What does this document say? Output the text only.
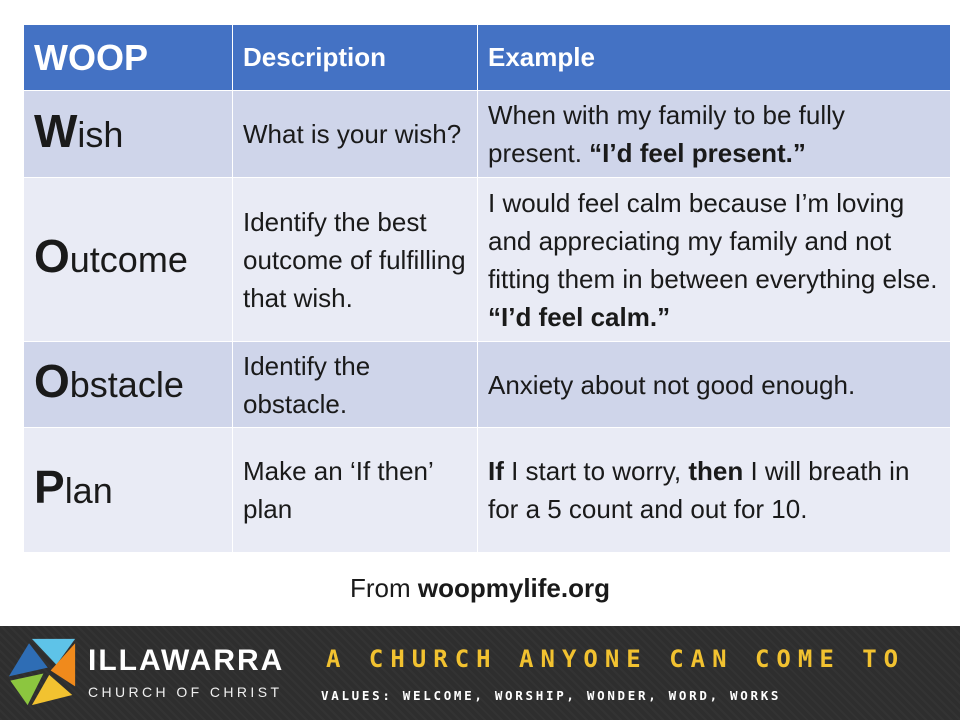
WOOP	Description	Example
Wish	What is your wish?	When with my family to be fully present. “I’d feel present.”
Outcome	Identify the best outcome of fulfilling that wish.	I would feel calm because I’m loving and appreciating my family and not fitting them in between everything else. “I’d feel calm.”
Obstacle	Identify the obstacle.	Anxiety about not good enough.
Plan	Make an ‘If then’ plan	If I start to worry, then I will breath in for a 5 count and out for 10.
From woopmylife.org
ILLAWARRA
CHURCH OF CHRIST
A CHURCH ANYONE CAN COME TO
VALUES: WELCOME, WORSHIP, WONDER, WORD, WORKS
